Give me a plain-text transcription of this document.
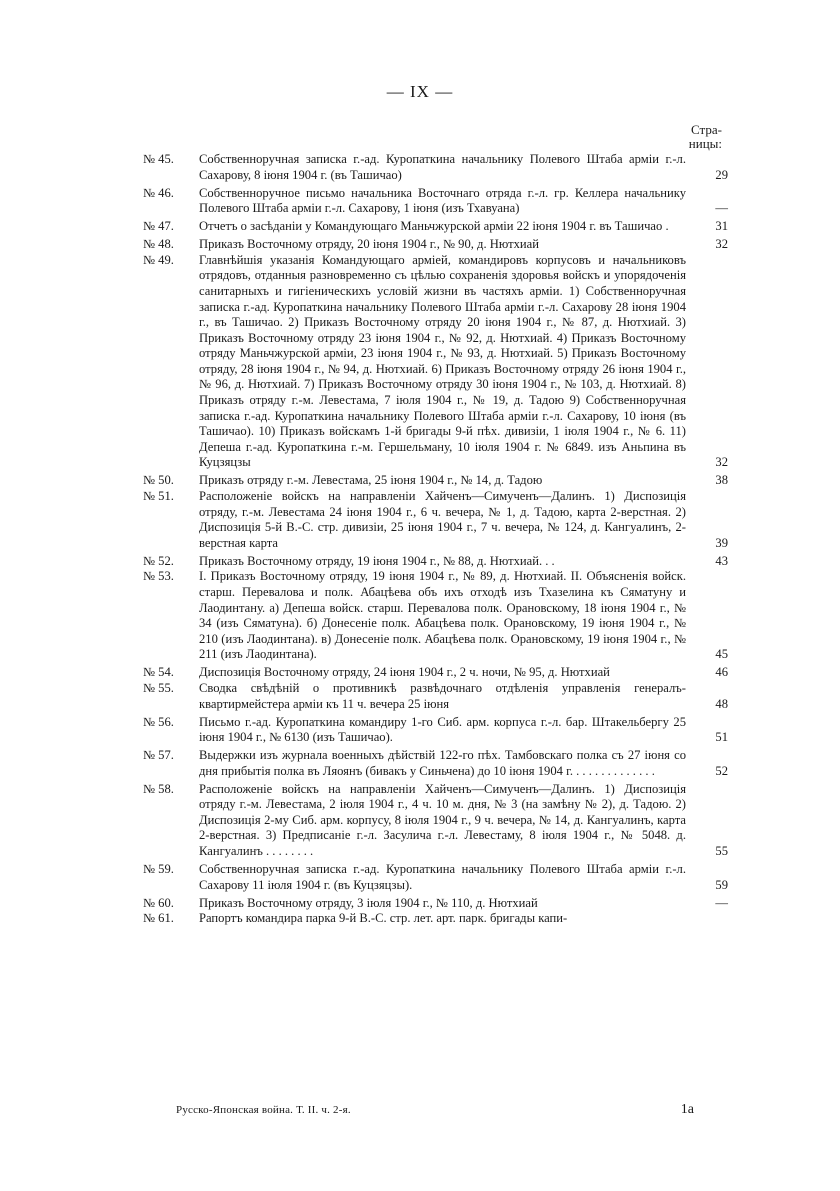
— IX —
Стра-
ницы:
№ 45.	Собственноручная записка г.-ад. Куропаткина начальнику Полевого Штаба арміи г.-л. Сахарову, 8 іюня 1904 г. (въ Ташичао)	29
№ 46.	Собственноручное письмо начальника Восточнаго отряда г.-л. гр. Келлера начальнику Полевого Штаба арміи г.-л. Сахарову, 1 іюня (изъ Тхавуана)	—
№ 47.	Отчетъ о засѣданіи у Командующаго Маньчжурской арміи 22 іюня 1904 г. въ Ташичао .	31
№ 48.	Приказъ Восточному отряду, 20 іюня 1904 г., № 90, д. Нютхиай	32
№ 49.	Главнѣйшія указанія Командующаго арміей, командировъ корпусовъ и начальниковъ отрядовъ, отданныя разновременно съ цѣлью сохраненія здоровья войскъ и упорядоченія санитарныхъ и гигіеническихъ условій жизни въ частяхъ арміи. 1) Собственноручная записка г.-ад. Куропаткина начальнику Полевого Штаба арміи г.-л. Сахарову 28 іюня 1904 г., въ Ташичао. 2) Приказъ Восточному отряду 20 іюня 1904 г., № 87, д. Нютхиай. 3) Приказъ Восточному отряду 23 іюня 1904 г., № 92, д. Нютхиай. 4) Приказъ Восточному отряду Маньчжурской арміи, 23 іюня 1904 г., № 93, д. Нютхиай. 5) Приказъ Восточному отряду, 28 іюня 1904 г., № 94, д. Нютхиай. 6) Приказъ Восточному отряду 26 іюня 1904 г., № 96, д. Нютхиай. 7) Приказъ Восточному отряду 30 іюня 1904 г., № 103, д. Нютхиай. 8) Приказъ отряду г.-м. Левестама, 7 іюля 1904 г., № 19, д. Тадою 9) Собственноручная записка г.-ад. Куропаткина начальнику Полевого Штаба арміи г.-л. Сахарову, 10 іюня (въ Ташичао). 10) Приказъ войскамъ 1-й бригады 9-й пѣх. дивизіи, 1 іюля 1904 г., № 6. 11) Депеша г.-ад. Куропаткина г.-м. Гершельману, 10 іюля 1904 г. № 6849. изъ Аньпина въ Куцзяцзы	32
№ 50.	Приказъ отряду г.-м. Левестама, 25 іюня 1904 г., № 14, д. Тадою	38
№ 51.	Расположеніе войскъ на направленіи Хайченъ—Симученъ—Далинъ. 1) Диспозиція отряду, г.-м. Левестама 24 іюня 1904 г., 6 ч. вечера, № 1, д. Тадою, карта 2-верстная. 2) Диспозиція 5-й В.-С. стр. дивизіи, 25 іюня 1904 г., 7 ч. вечера, № 124, д. Кангуалинъ, 2-верстная карта	39
№ 52.	Приказъ Восточному отряду, 19 іюня 1904 г., № 88, д. Нютхиай. . .	43
№ 53.	I. Приказъ Восточному отряду, 19 іюня 1904 г., № 89, д. Нютхиай. II. Объясненія войск. старш. Перевалова и полк. Абацѣева объ ихъ отходѣ изъ Тхазелина къ Сяматуну и Лаодинтану. а) Депеша войск. старш. Перевалова полк. Орановскому, 18 іюня 1904 г., № 34 (изъ Сяматуна). б) Донесеніе полк. Абацѣева полк. Орановскому, 19 іюня 1904 г., № 210 (изъ Лаодинтана). в) Донесеніе полк. Абацѣева полк. Орановскому, 19 іюня 1904 г., № 211 (изъ Лаодинтана).	45
№ 54.	Диспозиція Восточному отряду, 24 іюня 1904 г., 2 ч. ночи, № 95, д. Нютхиай	46
№ 55.	Сводка свѣдѣній о противникѣ развѣдочнаго отдѣленія управленія генералъ-квартирмейстера арміи къ 11 ч. вечера 25 іюня	48
№ 56.	Письмо г.-ад. Куропаткина командиру 1-го Сиб. арм. корпуса г.-л. бар. Штакельбергу 25 іюня 1904 г., № 6130 (изъ Ташичао).	51
№ 57.	Выдержки изъ журнала военныхъ дѣйствій 122-го пѣх. Тамбовскаго полка съ 27 іюня со дня прибытія полка въ Ляоянъ (бивакъ у Синьчена) до 10 іюня 1904 г. . . . . . . . . . . . . .	52
№ 58.	Расположеніе войскъ на направленіи Хайченъ—Симученъ—Далинъ. 1) Диспозиція отряду г.-м. Левестама, 2 іюля 1904 г., 4 ч. 10 м. дня, № 3 (на замѣну № 2), д. Тадою. 2) Диспозиція 2-му Сиб. арм. корпусу, 8 іюля 1904 г., 9 ч. вечера, № 14, д. Кангуалинъ, карта 2-верстная. 3) Предписаніе г.-л. Засулича г.-л. Левестаму, 8 іюля 1904 г., № 5048. д. Кангуалинъ . . . . . . . .	55
№ 59.	Собственноручная записка г.-ад. Куропаткина начальнику Полевого Штаба арміи г.-л. Сахарову 11 іюля 1904 г. (въ Куцзяцзы).	59
№ 60.	Приказъ Восточному отряду, 3 іюля 1904 г., № 110, д. Нютхиай	—
№ 61.	Рапортъ командира парка 9-й В.-С. стр. лет. арт. парк. бригады капи-
Русско-Японская война. Т. II. ч. 2-я.	1а
